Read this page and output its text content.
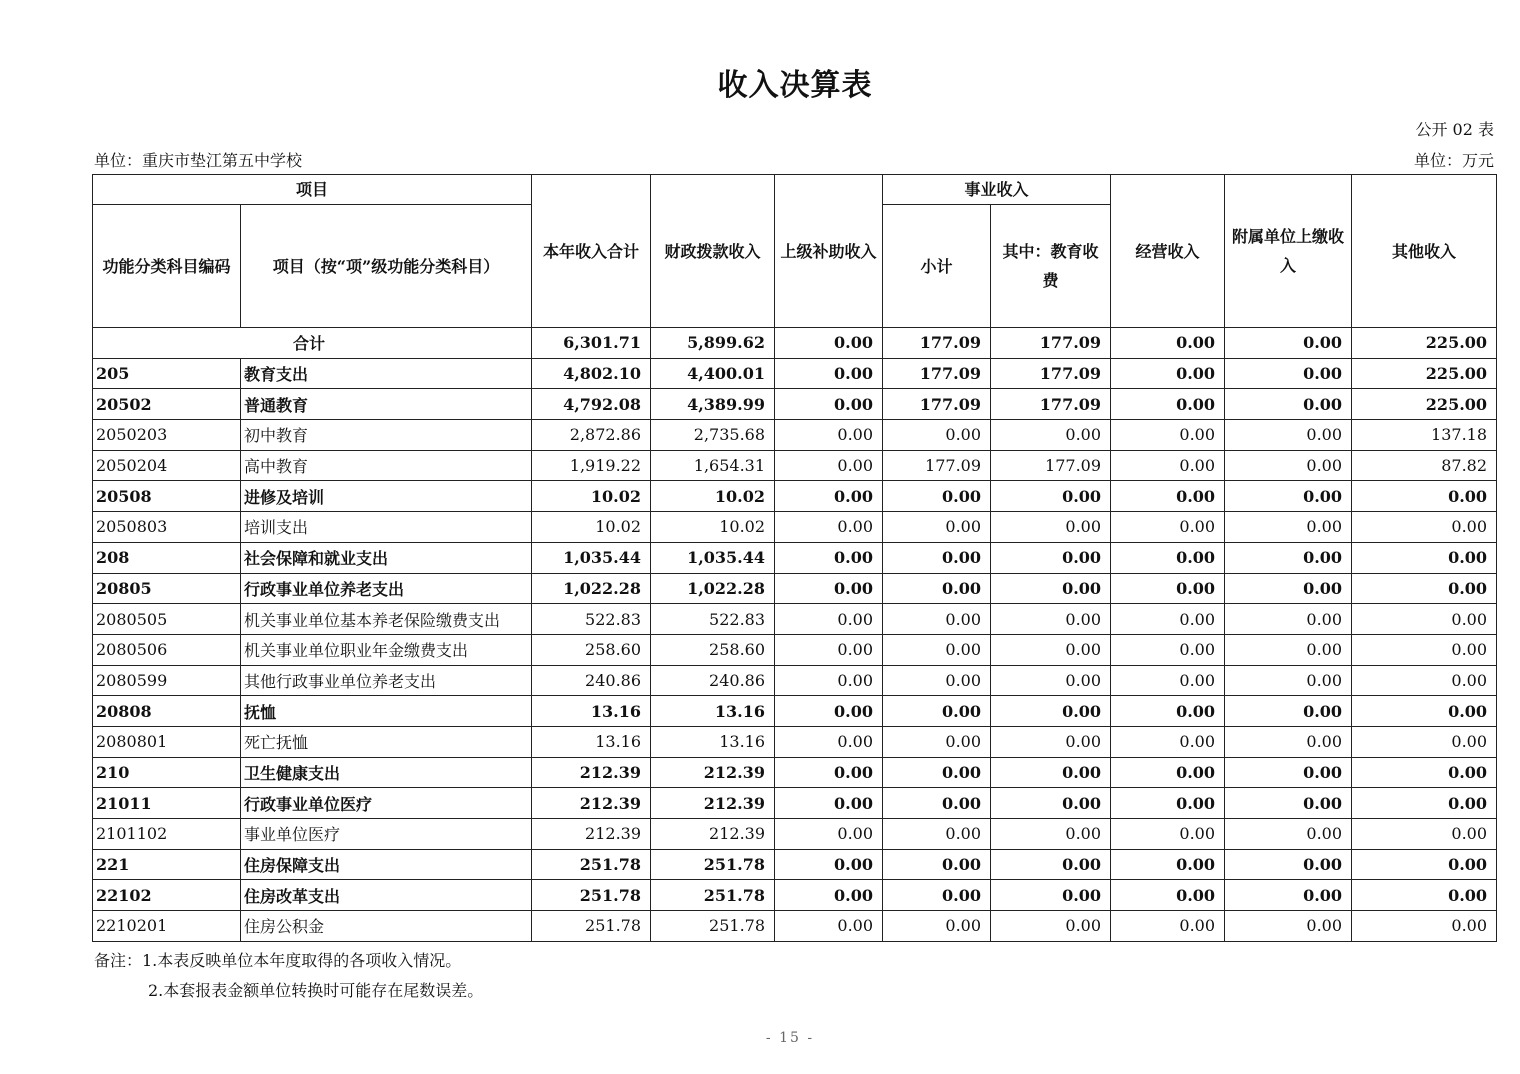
收入决算表
公开 02 表
单位：重庆市垫江第五中学校	单位：万元
项目		本年收入合计	财政拨款收入	上级补助收入	事业收入		经营收入	附属单位上缴收入	其他收入
功能分类科目编码	项目（按“项”级功能分类科目）				小计	其中：教育收费			
合计		6,301.71	5,899.62	0.00	177.09	177.09	0.00	0.00	225.00
205	教育支出	4,802.10	4,400.01	0.00	177.09	177.09	0.00	0.00	225.00
20502	普通教育	4,792.08	4,389.99	0.00	177.09	177.09	0.00	0.00	225.00
2050203	初中教育	2,872.86	2,735.68	0.00	0.00	0.00	0.00	0.00	137.18
2050204	高中教育	1,919.22	1,654.31	0.00	177.09	177.09	0.00	0.00	87.82
20508	进修及培训	10.02	10.02	0.00	0.00	0.00	0.00	0.00	0.00
2050803	培训支出	10.02	10.02	0.00	0.00	0.00	0.00	0.00	0.00
208	社会保障和就业支出	1,035.44	1,035.44	0.00	0.00	0.00	0.00	0.00	0.00
20805	行政事业单位养老支出	1,022.28	1,022.28	0.00	0.00	0.00	0.00	0.00	0.00
2080505	机关事业单位基本养老保险缴费支出	522.83	522.83	0.00	0.00	0.00	0.00	0.00	0.00
2080506	机关事业单位职业年金缴费支出	258.60	258.60	0.00	0.00	0.00	0.00	0.00	0.00
2080599	其他行政事业单位养老支出	240.86	240.86	0.00	0.00	0.00	0.00	0.00	0.00
20808	抚恤	13.16	13.16	0.00	0.00	0.00	0.00	0.00	0.00
2080801	死亡抚恤	13.16	13.16	0.00	0.00	0.00	0.00	0.00	0.00
210	卫生健康支出	212.39	212.39	0.00	0.00	0.00	0.00	0.00	0.00
21011	行政事业单位医疗	212.39	212.39	0.00	0.00	0.00	0.00	0.00	0.00
2101102	事业单位医疗	212.39	212.39	0.00	0.00	0.00	0.00	0.00	0.00
221	住房保障支出	251.78	251.78	0.00	0.00	0.00	0.00	0.00	0.00
22102	住房改革支出	251.78	251.78	0.00	0.00	0.00	0.00	0.00	0.00
2210201	住房公积金	251.78	251.78	0.00	0.00	0.00	0.00	0.00	0.00
备注：1.本表反映单位本年度取得的各项收入情况。
2.本套报表金额单位转换时可能存在尾数误差。
- 15 -
